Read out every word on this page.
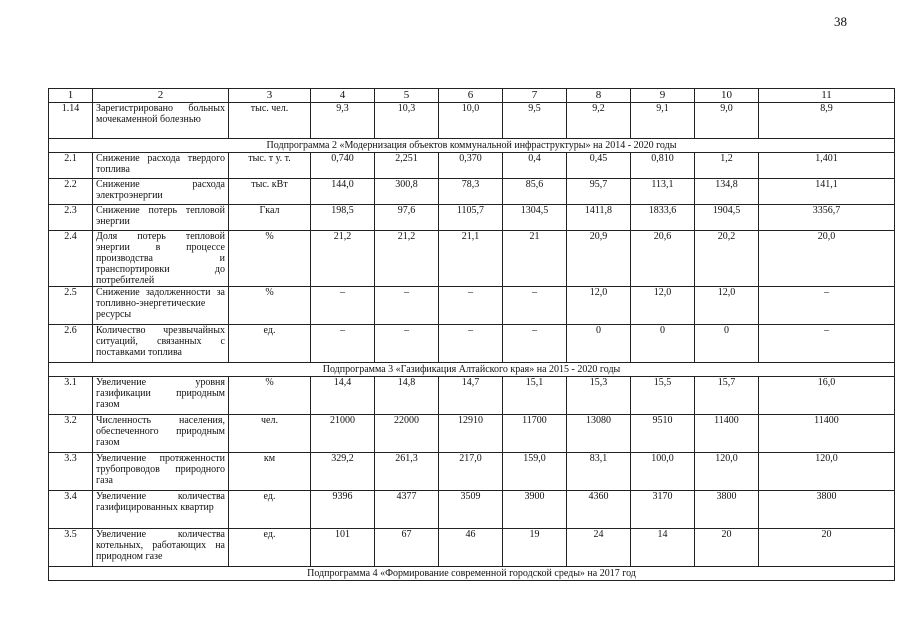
38
1	2	3	4	5	6	7	8	9	10	11
1.14	Зарегистрировано больных мочекаменной болезнью	тыс. чел.	9,3	10,3	10,0	9,5	9,2	9,1	9,0	8,9
Подпрограмма 2 «Модернизация объектов коммунальной инфраструктуры» на 2014 - 2020 годы										
2.1	Снижение расхода твердого топлива	тыс. т у. т.	0,740	2,251	0,370	0,4	0,45	0,810	1,2	1,401
2.2	Снижение расхода электроэнергии	тыс. кВт	144,0	300,8	78,3	85,6	95,7	113,1	134,8	141,1
2.3	Снижение потерь тепловой энергии	Гкал	198,5	97,6	1105,7	1304,5	1411,8	1833,6	1904,5	3356,7
2.4	Доля потерь тепловой энергии в процессе производства и транспортировки до потребителей	%	21,2	21,2	21,1	21	20,9	20,6	20,2	20,0
2.5	Снижение задолженности за топливно-энергетические ресурсы	%	–	–	–	–	12,0	12,0	12,0	–
2.6	Количество чрезвычайных ситуаций, связанных с поставками топлива	ед.	–	–	–	–	0	0	0	–
Подпрограмма 3 «Газификация Алтайского края» на 2015 - 2020 годы										
3.1	Увеличение уровня газификации природным газом	%	14,4	14,8	14,7	15,1	15,3	15,5	15,7	16,0
3.2	Численность населения, обеспеченного природным газом	чел.	21000	22000	12910	11700	13080	9510	11400	11400
3.3	Увеличение протяженности трубопроводов природного газа	км	329,2	261,3	217,0	159,0	83,1	100,0	120,0	120,0
3.4	Увеличение количества газифицированных квартир	ед.	9396	4377	3509	3900	4360	3170	3800	3800
3.5	Увеличение количества котельных, работающих на природном газе	ед.	101	67	46	19	24	14	20	20
Подпрограмма 4 «Формирование современной городской среды» на 2017 год										
